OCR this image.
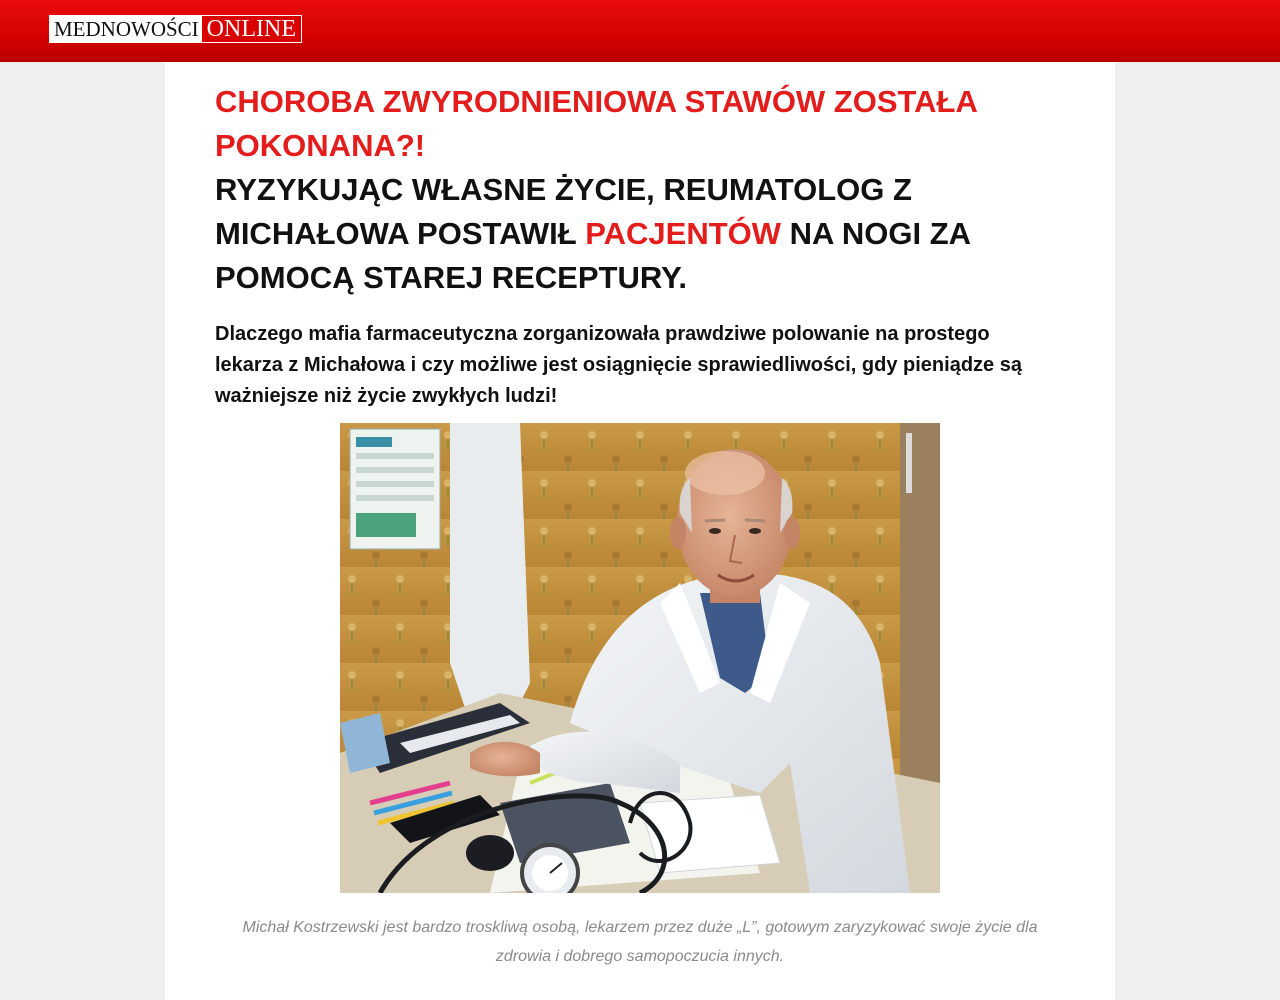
MEDNOWOŚCI ONLINE
CHOROBA ZWYRODNIENIOWA STAWÓW ZOSTAŁA POKONANA?!
RYZYKUJĄC WŁASNE ŻYCIE, REUMATOLOG Z MICHAŁOWA POSTAWIŁ PACJENTÓW NA NOGI ZA POMOCĄ STAREJ RECEPTURY.

Dlaczego mafia farmaceutyczna zorganizowała prawdziwe polowanie na prostego lekarza z Michałowa i czy możliwe jest osiągnięcie sprawiedliwości, gdy pieniądze są ważniejsze niż życie zwykłych ludzi!

Michał Kostrzewski jest bardzo troskliwą osobą, lekarzem przez duże „L”, gotowym zaryzykować swoje życie dla zdrowia i dobrego samopoczucia innych.
